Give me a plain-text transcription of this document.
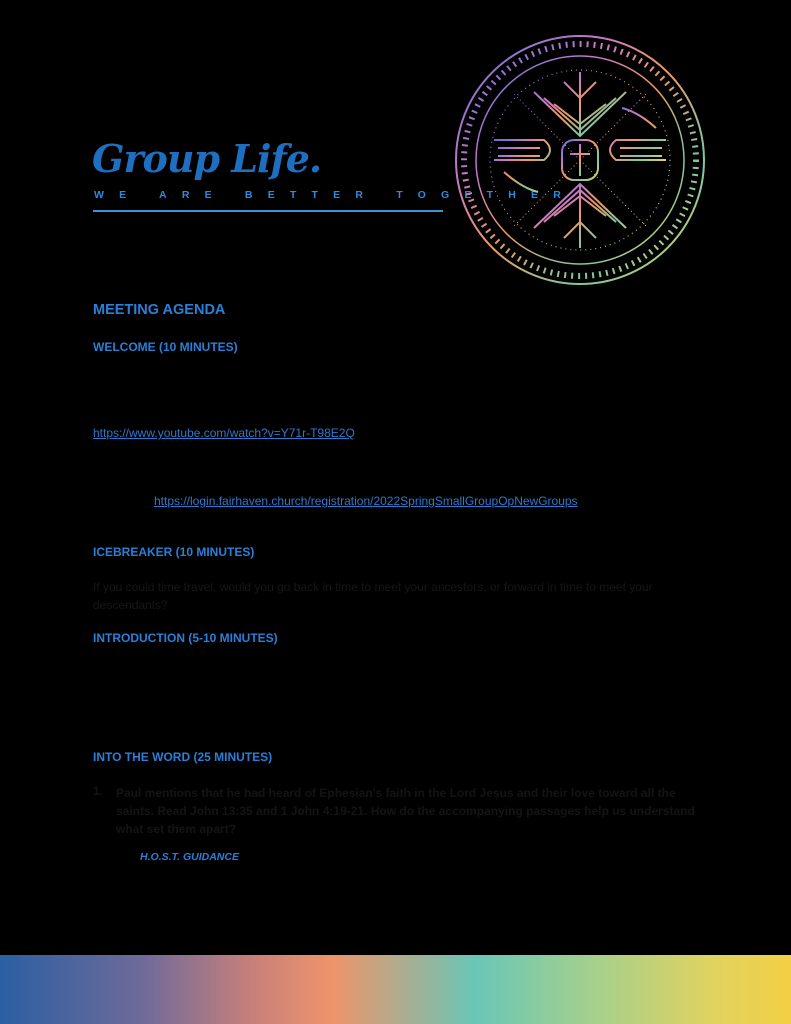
Group Life.
WE ARE BETTER TOGETHER
MEETING AGENDA
WELCOME (10 MINUTES)
https://www.youtube.com/watch?v=Y71r-T98E2Q
https://login.fairhaven.church/registration/2022SpringSmallGroupOpNewGroups
ICEBREAKER (10 MINUTES)

If you could time travel, would you go back in time to meet your ancestors, or forward in time to meet your descendants?

INTRODUCTION (5-10 MINUTES)
INTO THE WORD (25 MINUTES)
1. Paul mentions that he had heard of Ephesian's faith in the Lord Jesus and their love toward all the saints. Read John 13:35 and 1 John 4:19-21. How do the accompanying passages help us understand what set them apart?

H.O.S.T. GUIDANCE
